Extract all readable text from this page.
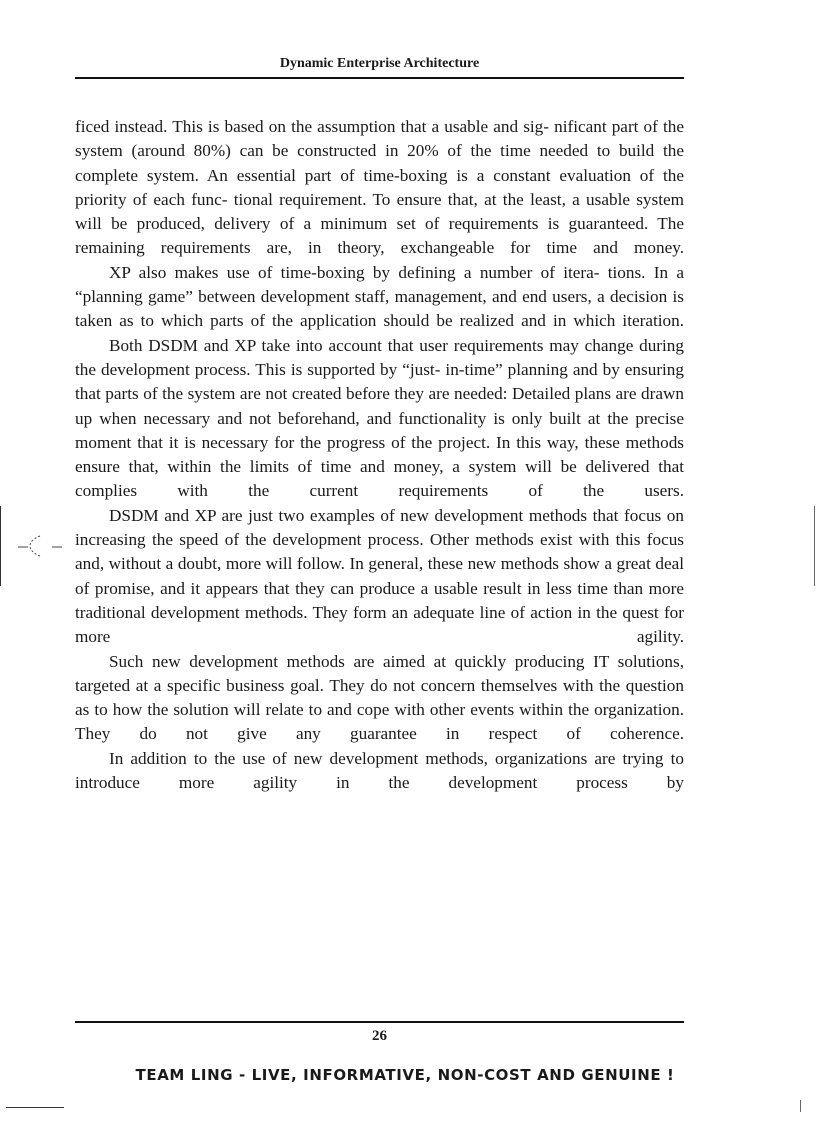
Dynamic Enterprise Architecture

ficed instead. This is based on the assumption that a usable and sig- nificant part of the system (around 80%) can be constructed in 20% of the time needed to build the complete system. An essential part of time-boxing is a constant evaluation of the priority of each func- tional requirement. To ensure that, at the least, a usable system will be produced, delivery of a minimum set of requirements is guaranteed. The remaining requirements are, in theory, exchangeable for time and money.

XP also makes use of time-boxing by defining a number of itera- tions. In a “planning game” between development staff, management, and end users, a decision is taken as to which parts of the application should be realized and in which iteration.

Both DSDM and XP take into account that user requirements may change during the development process. This is supported by “just- in-time” planning and by ensuring that parts of the system are not created before they are needed: Detailed plans are drawn up when necessary and not beforehand, and functionality is only built at the precise moment that it is necessary for the progress of the project. In this way, these methods ensure that, within the limits of time and money, a system will be delivered that complies with the current requirements of the users.

DSDM and XP are just two examples of new development methods that focus on increasing the speed of the development process. Other methods exist with this focus and, without a doubt, more will follow. In general, these new methods show a great deal of promise, and it appears that they can produce a usable result in less time than more traditional development methods. They form an adequate line of action in the quest for more agility.

Such new development methods are aimed at quickly producing IT solutions, targeted at a specific business goal. They do not concern themselves with the question as to how the solution will relate to and cope with other events within the organization. They do not give any guarantee in respect of coherence.

In addition to the use of new development methods, organizations are trying to introduce more agility in the development process by

26
TEAM LING - LIVE, INFORMATIVE, NON-COST AND GENUINE !
